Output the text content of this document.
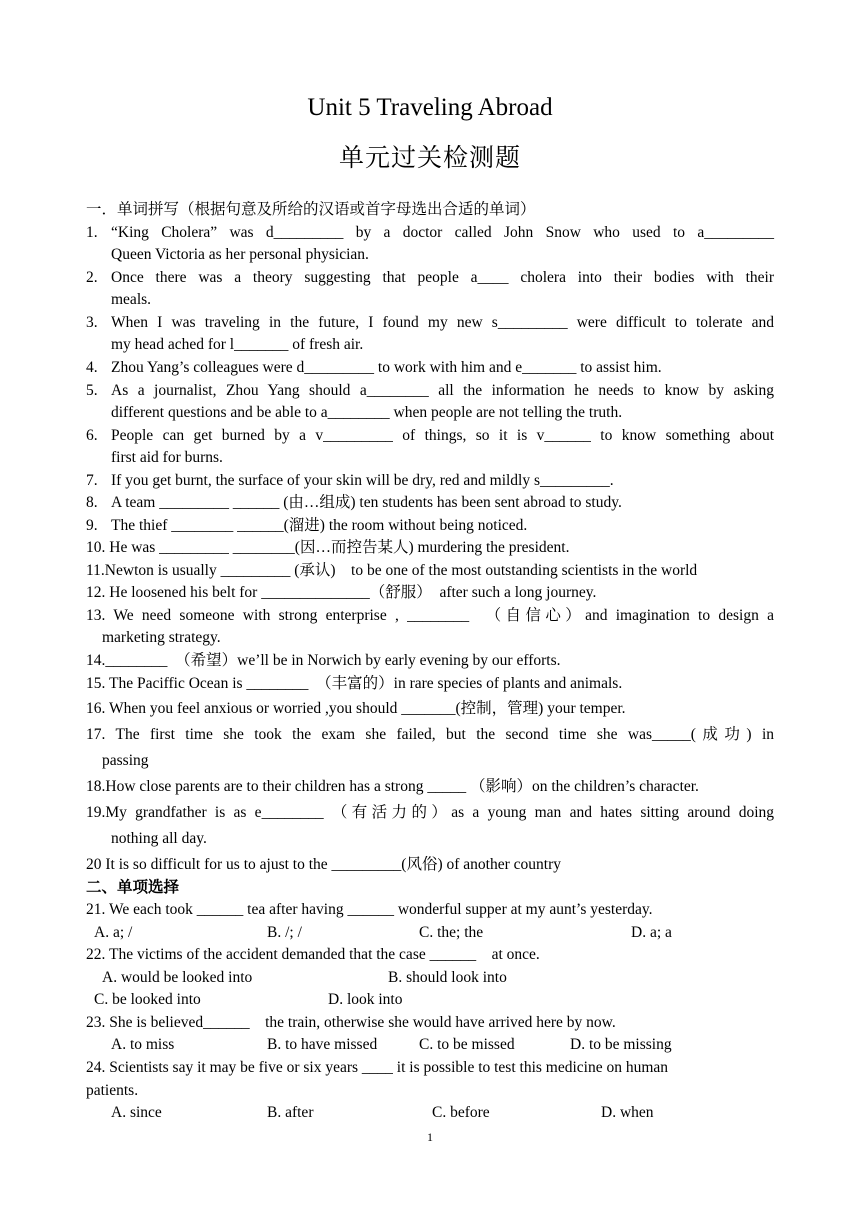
Unit 5 Traveling Abroad
单元过关检测题
一．单词拼写（根据句意及所给的汉语或首字母选出合适的单词）
1. “King Cholera” was d_________ by a doctor called John Snow who used to a_________
Queen Victoria as her personal physician.
2. Once there was a theory suggesting that people a____ cholera into their bodies with their
meals.
3. When I was traveling in the future, I found my new s_________ were difficult to tolerate and
my head ached for l_______ of fresh air.
4. Zhou Yang’s colleagues were d_________ to work with him and e_______ to assist him.
5. As a journalist, Zhou Yang should a________ all the information he needs to know by asking
different questions and be able to a________ when people are not telling the truth.
6. People can get burned by a v_________ of things, so it is v______ to know something about
first aid for burns.
7. If you get burnt, the surface of your skin will be dry, red and mildly s_________.
8. A team _________ ______ (由…组成) ten students has been sent abroad to study.
9. The thief ________ ______(溜进) the room without being noticed.
10. He was _________ ________(因…而控告某人) murdering the president.
11.Newton is usually _________ (承认)　to be one of the most outstanding scientists in the world
12. He loosened his belt for ______________（舒服）　after such a long journey.
13. We need someone with strong enterprise , ________　（自信心）and imagination to design a
marketing strategy.
14.________　（希望）we’ll be in Norwich by early evening by our efforts.
15. The Paciffic Ocean is ________　（丰富的）in rare species of plants and animals.
16. When you feel anxious or worried ,you should _______(控制，管理) your temper.
17. The first time she took the exam she failed, but the second time she was_____(成功) in
passing
18.How close parents are to their children has a strong _____ （影响）on the children’s character.
19.My grandfather is as e________ （有活力的）as a young man and hates sitting around doing
nothing all day.
20 It is so difficult for us to ajust to the _________(风俗) of another country
二、单项选择
21. We each took ______ tea after having ______ wonderful supper at my aunt’s yesterday.
A. a; /	B. /; /	C. the; the	D. a; a
22. The victims of the accident demanded that the case ______　at once.
A. would be looked into	B. should look into
C. be looked into	D. look into
23. She is believed______　the train, otherwise she would have arrived here by now.
A. to miss	B. to have missed	C. to be missed	D. to be missing
24. Scientists say it may be five or six years ____ it is possible to test this medicine on human
patients.
A. since	B. after	C. before	D. when
1
